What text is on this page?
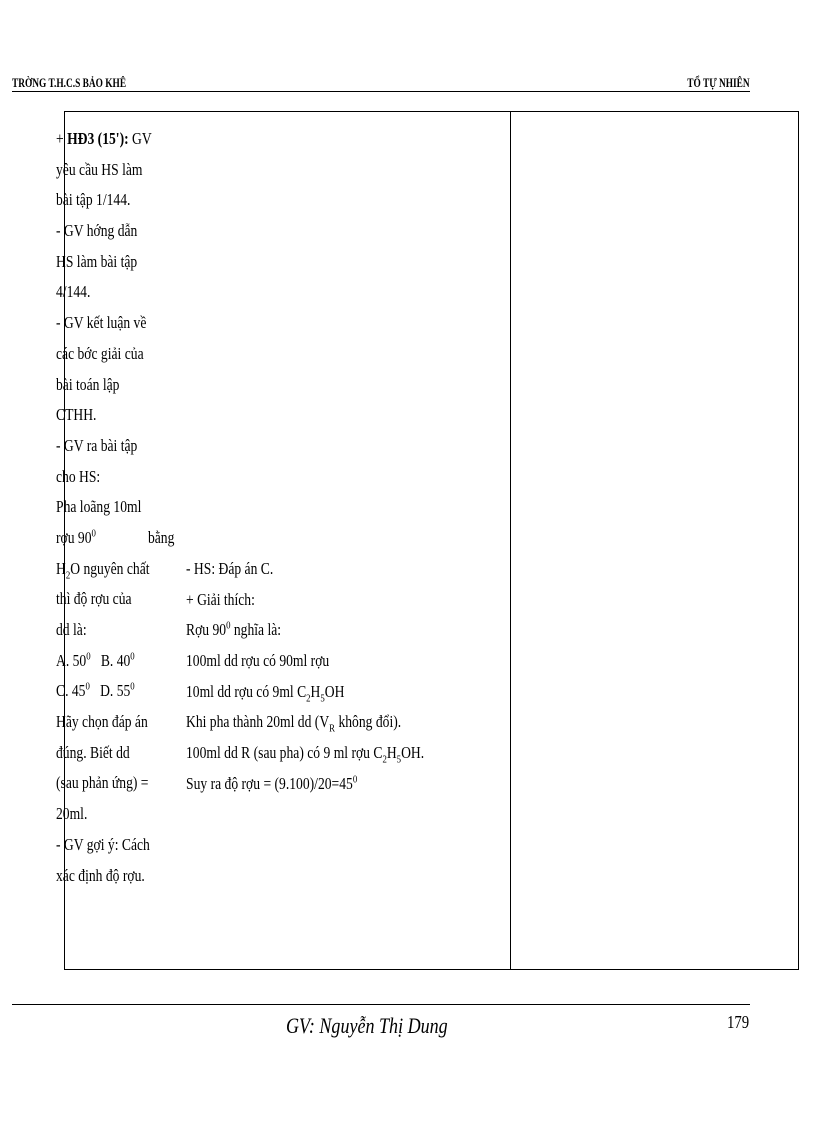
TRỜNG T.H.C.S BẢO KHÊ	TỔ TỰ NHIÊN
+ HĐ3 (15'): GV
yêu cầu HS làm
bài tập 1/144.
- GV hớng dẫn
HS làm bài tập
4/144.
- GV kết luận về
các bớc giải của
bài toán lập
CTHH.
- GV ra bài tập
cho HS:
Pha loãng 10ml
rợu $90^0$	bằng
$H_2O$ nguyên chất
thì độ rợu của
dd là:
A. $50^0$ B. $40^0$
C. $45^0$ D. $55^0$
Hãy chọn đáp án
đúng. Biết dd
(sau phản ứng) =
20ml.
- GV gợi ý: Cách
xác định độ rợu.
- HS: Đáp án C.
+ Giải thích:
Rợu $90^0$ nghĩa là:
100ml dd rợu có 90ml rợu
10ml dd rợu có 9ml $C_2H_5OH$
Khi pha thành 20ml dd ($V_R$ không đổi).
100ml dd R (sau pha) có 9 ml rợu $C_2H_5OH$.
Suy ra độ rợu = $(9.100)/20=45^0$
GV: Nguyễn Thị Dung	179
